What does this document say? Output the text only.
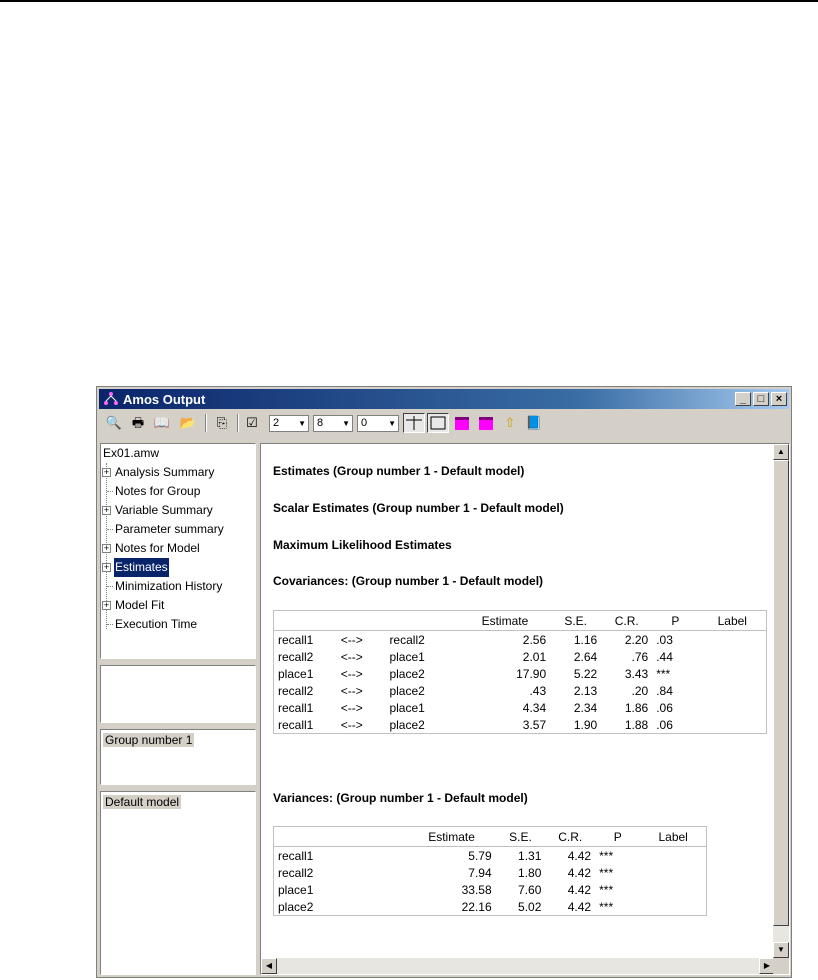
Amos Output	_	□	×
🔍 🖶 📖 📂 ⎘ ☑	2 ▼	8 ▼	0	▼	⇧ 📘
Ex01.amw
+ Analysis Summary
Notes for Group
+ Variable Summary
Parameter summary
+ Notes for Model
+ Estimates
Minimization History
+ Model Fit
Execution Time
Group number 1
Default model
Estimates (Group number 1 - Default model)
Scalar Estimates (Group number 1 - Default model)
Maximum Likelihood Estimates
Covariances: (Group number 1 - Default model)
			Estimate	S.E.	C.R.	P	Label
recall1	<-->	recall2	2.56	1.16	2.20	.03	
recall2	<-->	place1	2.01	2.64	.76	.44	
place1	<-->	place2	17.90	5.22	3.43	***	
recall2	<-->	place2	.43	2.13	.20	.84	
recall1	<-->	place1	4.34	2.34	1.86	.06	
recall1	<-->	place2	3.57	1.90	1.88	.06	
Variances: (Group number 1 - Default model)
	Estimate	S.E.	C.R.	P	Label
recall1	5.79	1.31	4.42	***	
recall2	7.94	1.80	4.42	***	
place1	33.58	7.60	4.42	***	
place2	22.16	5.02	4.42	***	
▲
▼
◀	▶
